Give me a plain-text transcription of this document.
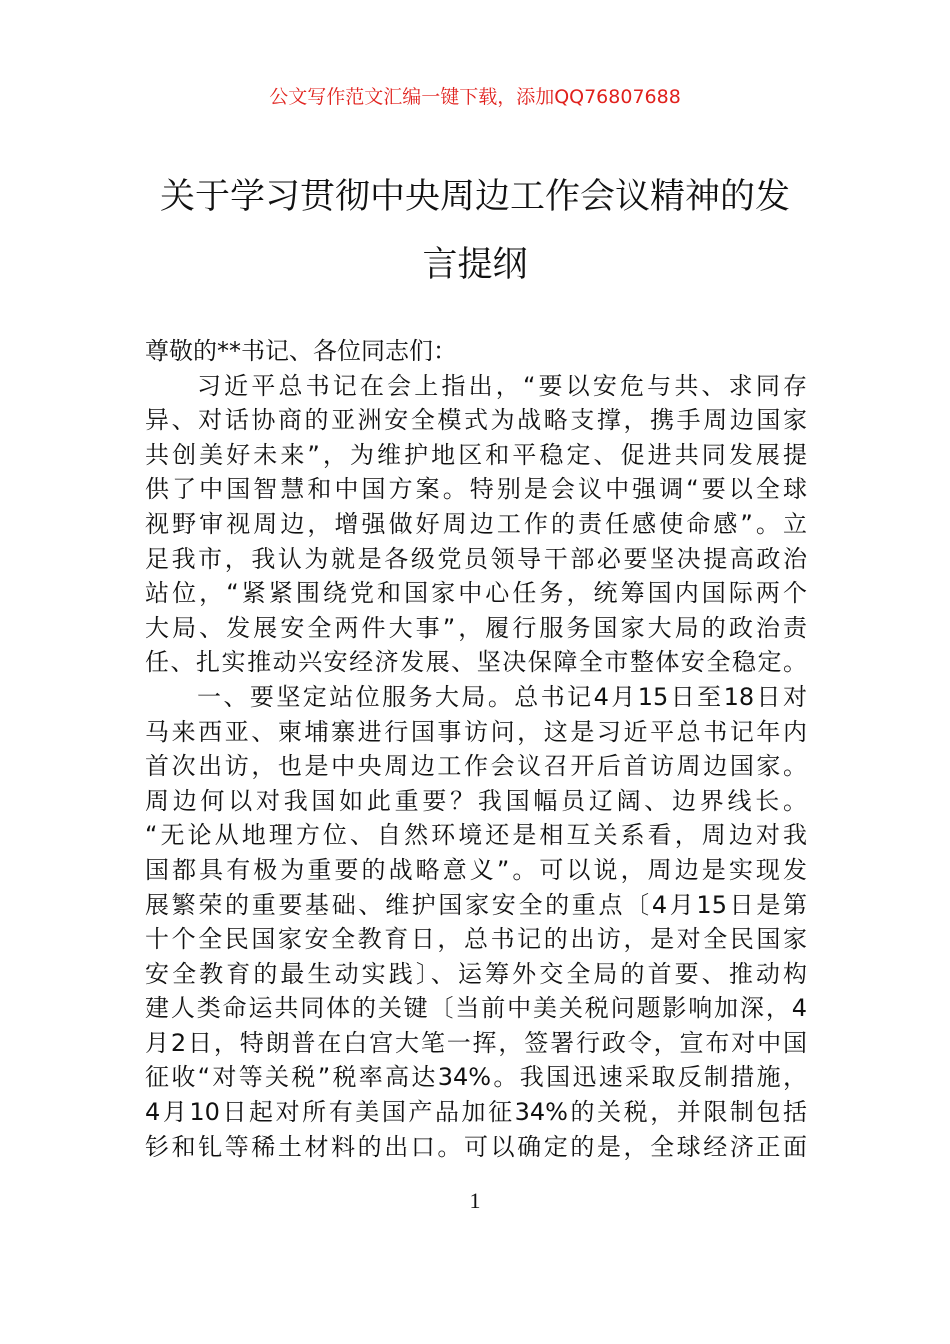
公文写作范文汇编一键下载，添加QQ76807688
关于学习贯彻中央周边工作会议精神的发
言提纲
尊敬的**书记、各位同志们：
习近平总书记在会上指出，“要以安危与共、求同存
异、对话协商的亚洲安全模式为战略支撑，携手周边国家
共创美好未来”，为维护地区和平稳定、促进共同发展提
供了中国智慧和中国方案。特别是会议中强调“要以全球
视野审视周边，增强做好周边工作的责任感使命感”。立
足我市，我认为就是各级党员领导干部必要坚决提高政治
站位，“紧紧围绕党和国家中心任务，统筹国内国际两个
大局、发展安全两件大事”，履行服务国家大局的政治责
任、扎实推动兴安经济发展、坚决保障全市整体安全稳定。
一、要坚定站位服务大局。总书记4月15日至18日对
马来西亚、柬埔寨进行国事访问，这是习近平总书记年内
首次出访，也是中央周边工作会议召开后首访周边国家。
周边何以对我国如此重要？我国幅员辽阔、边界线长。
“无论从地理方位、自然环境还是相互关系看，周边对我
国都具有极为重要的战略意义”。可以说，周边是实现发
展繁荣的重要基础、维护国家安全的重点〔4月15日是第
十个全民国家安全教育日，总书记的出访，是对全民国家
安全教育的最生动实践〕、运筹外交全局的首要、推动构
建人类命运共同体的关键〔当前中美关税问题影响加深，4
月2日，特朗普在白宫大笔一挥，签署行政令，宣布对中国
征收“对等关税”税率高达34%。我国迅速采取反制措施，
4月10日起对所有美国产品加征34%的关税，并限制包括
钐和钆等稀土材料的出口。可以确定的是，全球经济正面
1
